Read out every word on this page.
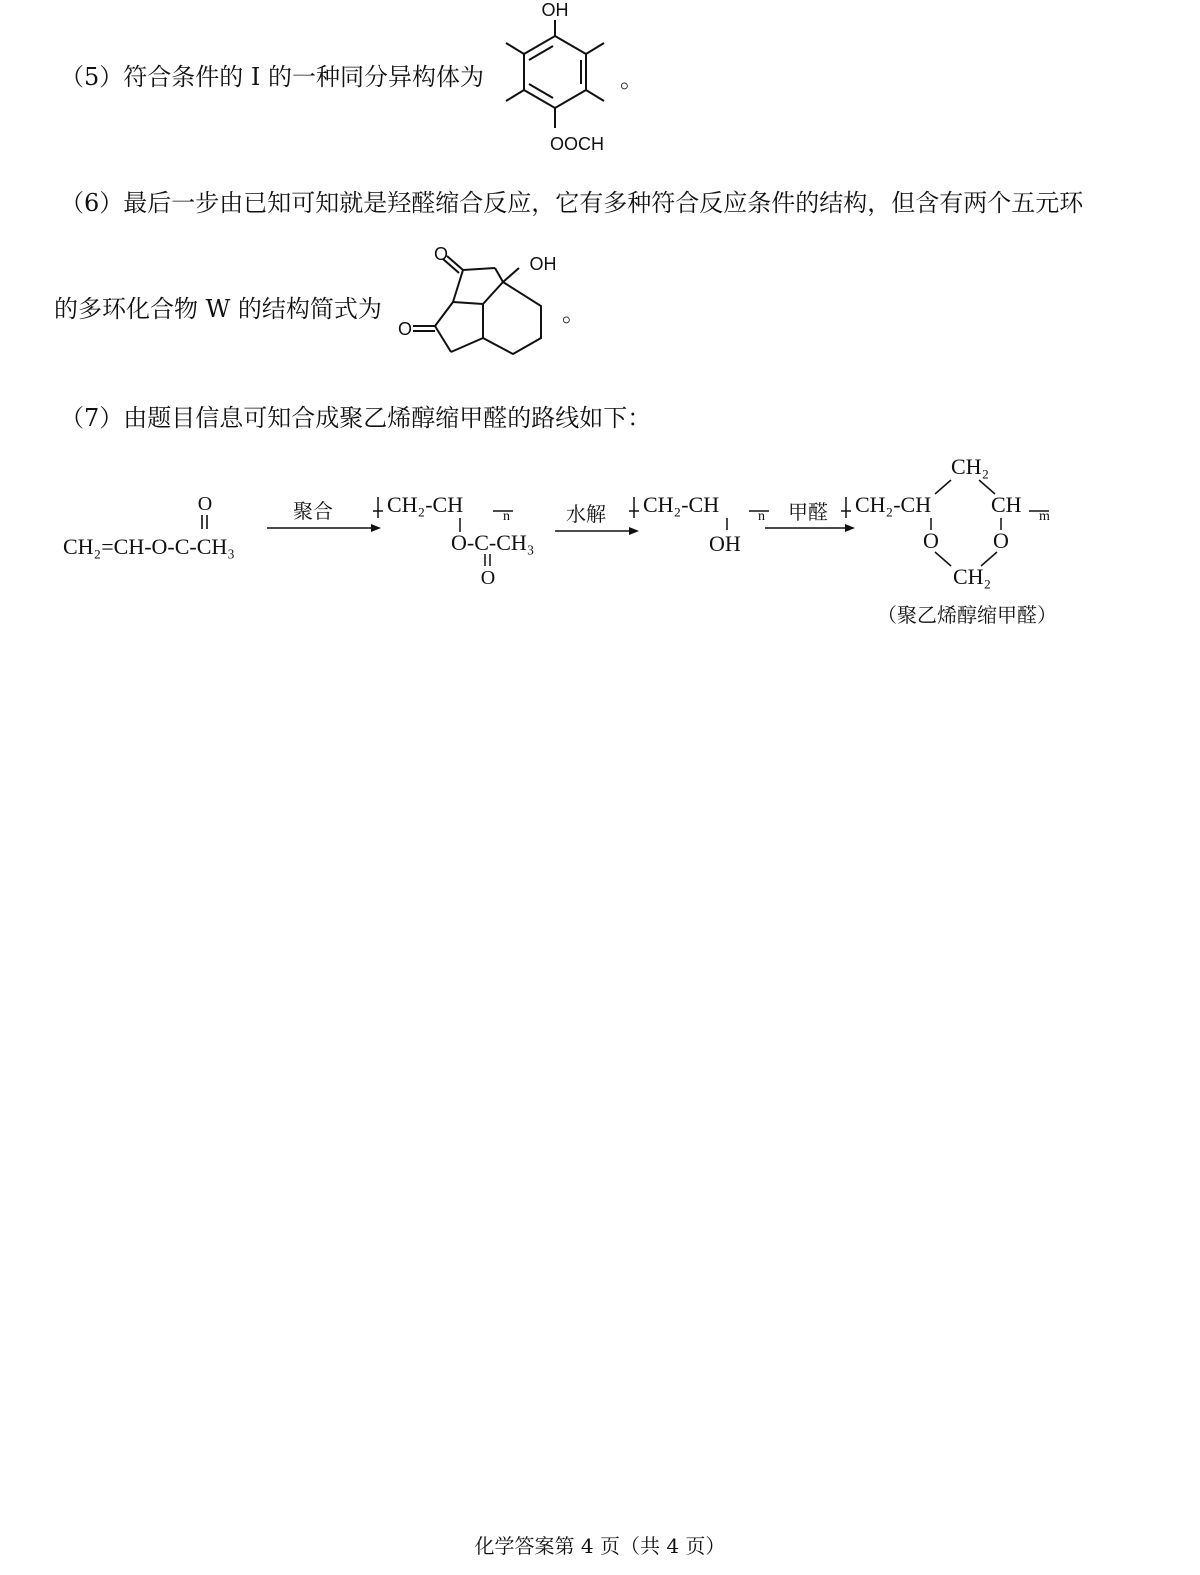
（5）符合条件的 I 的一种同分异构体为
OH
OOCH
。
（6）最后一步由已知可知就是羟醛缩合反应，它有多种符合反应条件的结构，但含有两个五元环
的多环化合物 W 的结构简式为
O
O
OH
。
（7）由题目信息可知合成聚乙烯醇缩甲醛的路线如下：
O
CH₂=CH-O-C-CH₃
聚合 CH₂-CH	n
O-C-CH₃
O
水解 CH₂-CH	n
OH
甲醛
CH₂
CH₂-CH	CH m
O O
CH₂
（聚乙烯醇缩甲醛）
化学答案第 4 页（共 4 页）
